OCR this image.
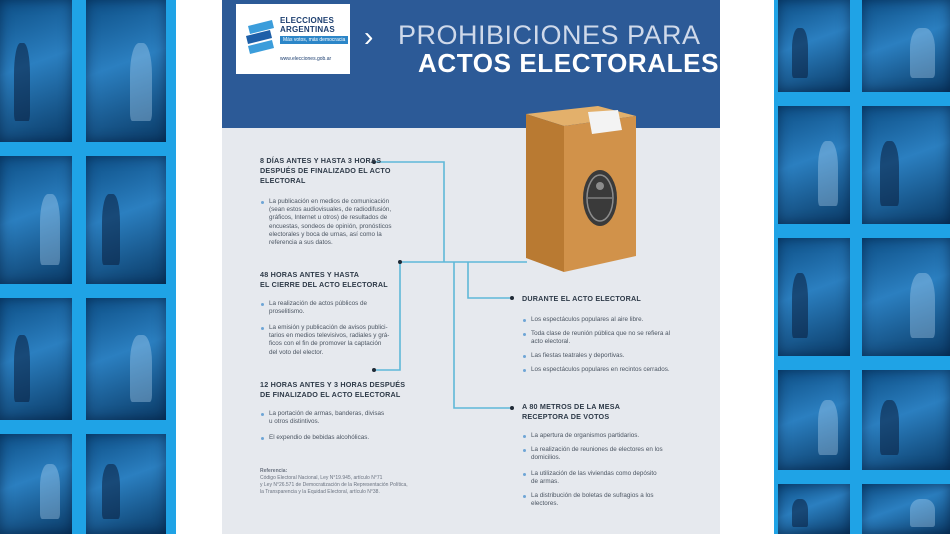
ELECCIONES
ARGENTINAS
Más votos, más democracia
www.elecciones.gob.ar
› PROHIBICIONES PARA
ACTOS ELECTORALES
8 DÍAS ANTES Y HASTA 3 HORAS
DESPUÉS DE FINALIZADO EL ACTO
ELECTORAL
La publicación en medios de comunicación
(sean estos audiovisuales, de radiodifusión,
gráficos, Internet u otros) de resultados de
encuestas, sondeos de opinión, pronósticos
electorales y boca de urnas, así como la
referencia a sus datos.
48 HORAS ANTES Y HASTA
EL CIERRE DEL ACTO ELECTORAL
La realización de actos públicos de
proselitismo.
La emisión y publicación de avisos publici-
tarios en medios televisivos, radiales y grá-
ficos con el fin de promover la captación
del voto del elector.
12 HORAS ANTES Y 3 HORAS DESPUÉS
DE FINALIZADO EL ACTO ELECTORAL
La portación de armas, banderas, divisas
u otros distintivos.
El expendio de bebidas alcohólicas.
Referencia:
Código Electoral Nacional, Ley N°19.945, artículo N°71
y Ley N°26.571 de Democratización de la Representación Política,
la Transparencia y la Equidad Electoral, artículo N°38.
DURANTE EL ACTO ELECTORAL
Los espectáculos populares al aire libre.
Toda clase de reunión pública que no se refiera al
acto electoral.
Las fiestas teatrales y deportivas.
Los espectáculos populares en recintos cerrados.
A 80 METROS DE LA MESA
RECEPTORA DE VOTOS
La apertura de organismos partidarios.
La realización de reuniones de electores en los
domicilios.
La utilización de las viviendas como depósito
de armas.
La distribución de boletas de sufragios a los
electores.
